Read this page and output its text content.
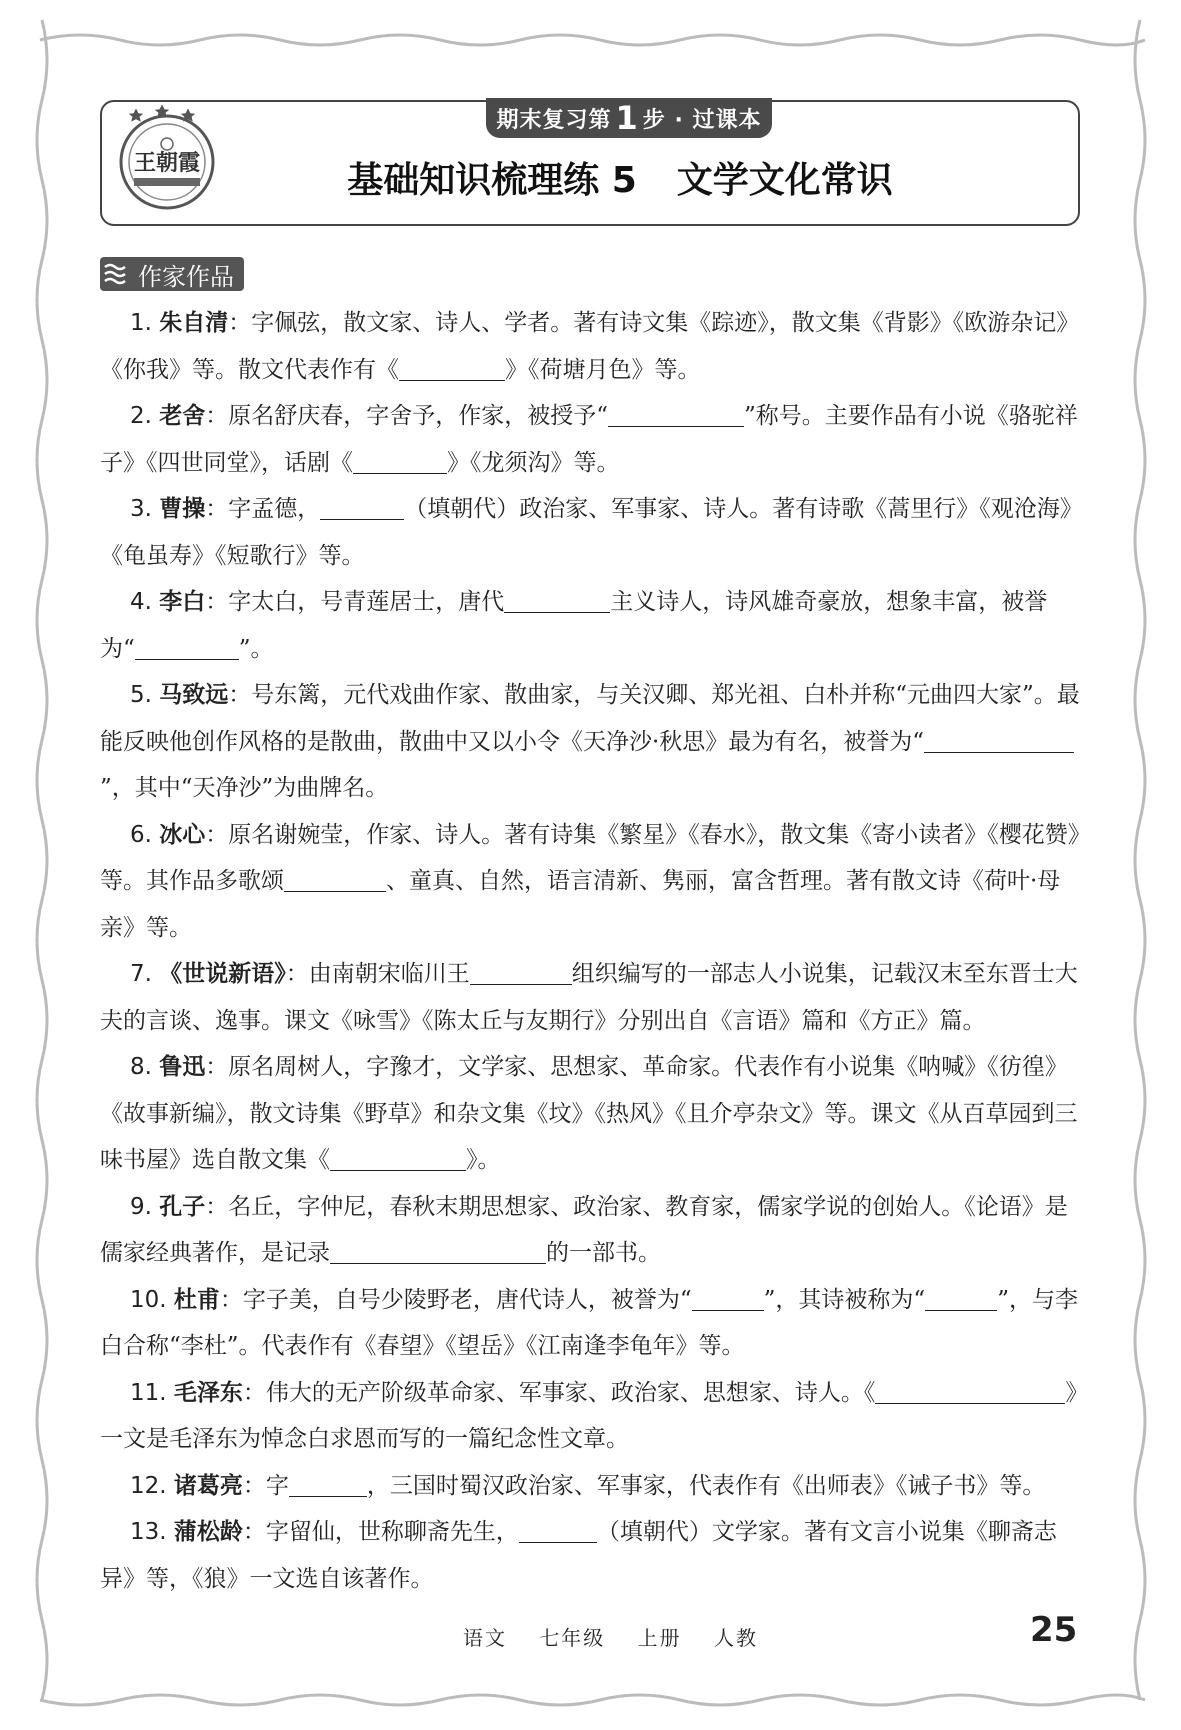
期末复习第 1 步 · 过课本
王朝霞	基础知识梳理练 5 文学文化常识
作家作品

1. 朱自清：字佩弦，散文家、诗人、学者。著有诗文集《踪迹》，散文集《背影》《欧游杂记》《你我》等。散文代表作有《	》《荷塘月色》等。

2. 老舍：原名舒庆春，字舍予，作家，被授予“	”称号。主要作品有小说《骆驼祥子》《四世同堂》，话剧《	》《龙须沟》等。

3. 曹操：字孟德，	（填朝代）政治家、军事家、诗人。著有诗歌《蒿里行》《观沧海》《龟虽寿》《短歌行》等。

4. 李白：字太白，号青莲居士，唐代	主义诗人，诗风雄奇豪放，想象丰富，被誉为“	”。

5. 马致远：号东篱，元代戏曲作家、散曲家，与关汉卿、郑光祖、白朴并称“元曲四大家”。最能反映他创作风格的是散曲，散曲中又以小令《天净沙·秋思》最为有名，被誉为“”，其中“天净沙”为曲牌名。

6. 冰心：原名谢婉莹，作家、诗人。著有诗集《繁星》《春水》，散文集《寄小读者》《樱花赞》等。其作品多歌颂	、童真、自然，语言清新、隽丽，富含哲理。著有散文诗《荷叶·母亲》等。

7. 《世说新语》：由南朝宋临川王	组织编写的一部志人小说集，记载汉末至东晋士大夫的言谈、逸事。课文《咏雪》《陈太丘与友期行》分别出自《言语》篇和《方正》篇。

8. 鲁迅：原名周树人，字豫才，文学家、思想家、革命家。代表作有小说集《呐喊》《彷徨》《故事新编》，散文诗集《野草》和杂文集《坟》《热风》《且介亭杂文》等。课文《从百草园到三味书屋》选自散文集《	》。

9. 孔子：名丘，字仲尼，春秋末期思想家、政治家、教育家，儒家学说的创始人。《论语》是儒家经典著作，是记录	的一部书。

10. 杜甫：字子美，自号少陵野老，唐代诗人，被誉为“	”，其诗被称为“	”，与李白合称“李杜”。代表作有《春望》《望岳》《江南逢李龟年》等。

11. 毛泽东：伟大的无产阶级革命家、军事家、政治家、思想家、诗人。《	》一文是毛泽东为悼念白求恩而写的一篇纪念性文章。

12. 诸葛亮：字	，三国时蜀汉政治家、军事家，代表作有《出师表》《诫子书》等。

13. 蒲松龄：字留仙，世称聊斋先生，	（填朝代）文学家。著有文言小说集《聊斋志异》等，《狼》一文选自该著作。

语文 七年级 上册 人教	25
